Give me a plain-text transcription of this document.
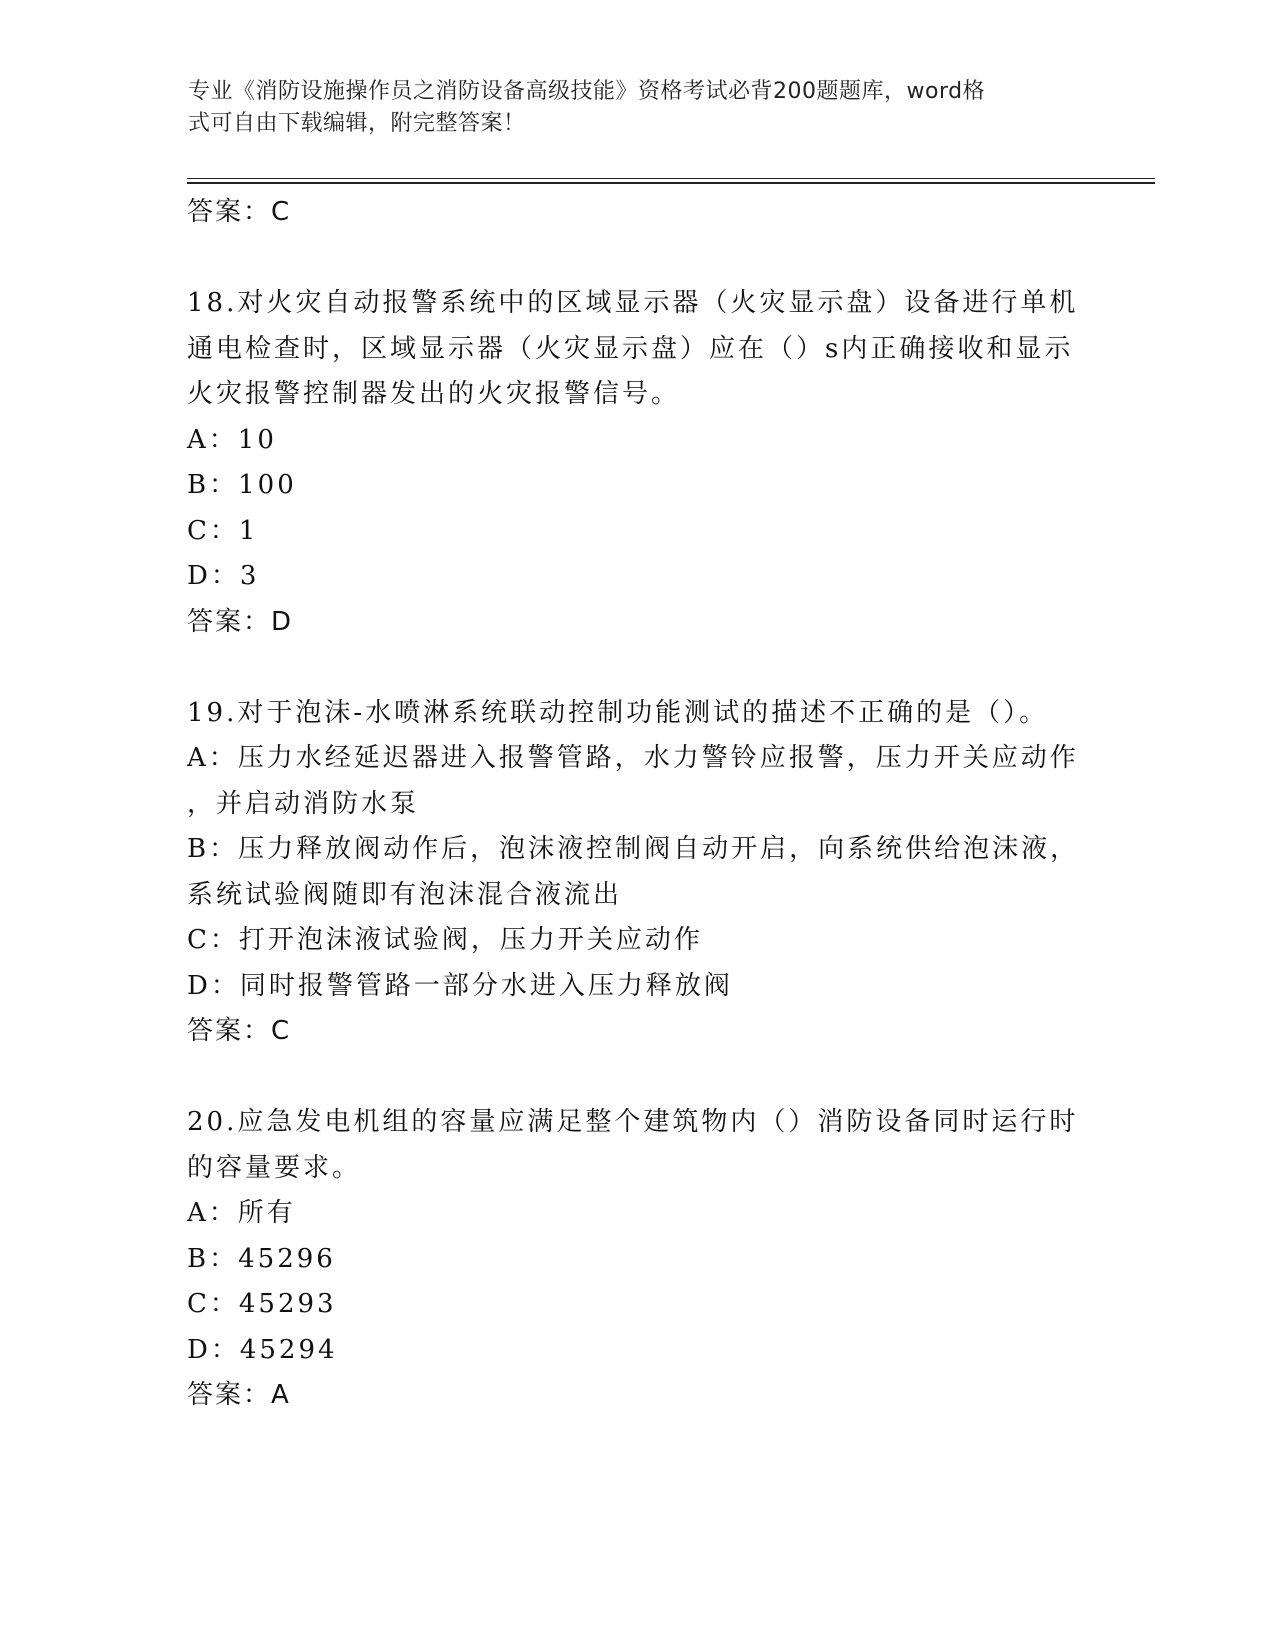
专业《消防设施操作员之消防设备高级技能》资格考试必背200题题库，word格
式可自由下载编辑，附完整答案！
答案：C
18.对火灾自动报警系统中的区域显示器（火灾显示盘）设备进行单机
通电检查时，区域显示器（火灾显示盘）应在（）s内正确接收和显示
火灾报警控制器发出的火灾报警信号。
A：10
B：100
C：1
D：3
答案：D
19.对于泡沫-水喷淋系统联动控制功能测试的描述不正确的是（）。
A：压力水经延迟器进入报警管路，水力警铃应报警，压力开关应动作
，并启动消防水泵
B：压力释放阀动作后，泡沫液控制阀自动开启，向系统供给泡沫液，
系统试验阀随即有泡沫混合液流出
C：打开泡沫液试验阀，压力开关应动作
D：同时报警管路一部分水进入压力释放阀
答案：C
20.应急发电机组的容量应满足整个建筑物内（）消防设备同时运行时
的容量要求。
A：所有
B：45296
C：45293
D：45294
答案：A
